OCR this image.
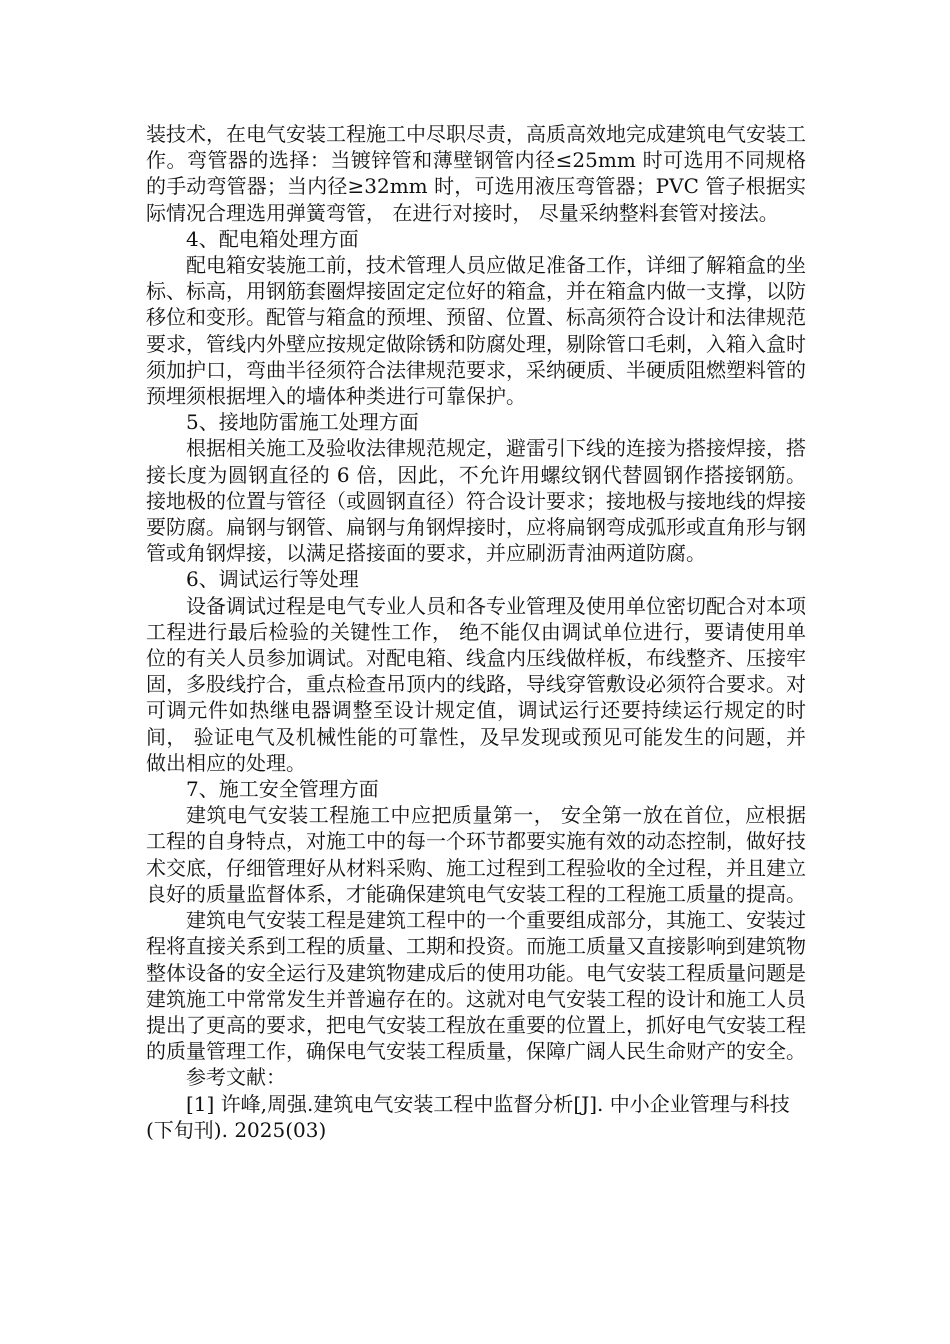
装技术，在电气安装工程施工中尽职尽责，高质高效地完成建筑电气安装工作。弯管器的选择：当镀锌管和薄壁钢管内径≤25mm 时可选用不同规格的手动弯管器；当内径≥32mm 时，可选用液压弯管器；PVC 管子根据实际情况合理选用弹簧弯管， 在进行对接时， 尽量采纳整料套管对接法。

4、配电箱处理方面

配电箱安装施工前，技术管理人员应做足准备工作，详细了解箱盒的坐标、标高，用钢筋套圈焊接固定定位好的箱盒，并在箱盒内做一支撑，以防移位和变形。配管与箱盒的预埋、预留、位置、标高须符合设计和法律规范要求，管线内外壁应按规定做除锈和防腐处理，剔除管口毛刺，入箱入盒时须加护口，弯曲半径须符合法律规范要求，采纳硬质、半硬质阻燃塑料管的预埋须根据埋入的墙体种类进行可靠保护。

5、接地防雷施工处理方面

根据相关施工及验收法律规范规定，避雷引下线的连接为搭接焊接，搭接长度为圆钢直径的 6 倍，因此，不允许用螺纹钢代替圆钢作搭接钢筋。接地极的位置与管径（或圆钢直径）符合设计要求；接地极与接地线的焊接要防腐。扁钢与钢管、扁钢与角钢焊接时，应将扁钢弯成弧形或直角形与钢管或角钢焊接，以满足搭接面的要求，并应刷沥青油两道防腐。

6、调试运行等处理

设备调试过程是电气专业人员和各专业管理及使用单位密切配合对本项工程进行最后检验的关键性工作， 绝不能仅由调试单位进行，要请使用单位的有关人员参加调试。对配电箱、线盒内压线做样板，布线整齐、压接牢固，多股线拧合，重点检查吊顶内的线路，导线穿管敷设必须符合要求。对可调元件如热继电器调整至设计规定值，调试运行还要持续运行规定的时间， 验证电气及机械性能的可靠性，及早发现或预见可能发生的问题，并做出相应的处理。

7、施工安全管理方面

建筑电气安装工程施工中应把质量第一， 安全第一放在首位，应根据工程的自身特点，对施工中的每一个环节都要实施有效的动态控制，做好技术交底，仔细管理好从材料采购、施工过程到工程验收的全过程，并且建立良好的质量监督体系，才能确保建筑电气安装工程的工程施工质量的提高。

建筑电气安装工程是建筑工程中的一个重要组成部分，其施工、安装过程将直接关系到工程的质量、工期和投资。而施工质量又直接影响到建筑物整体设备的安全运行及建筑物建成后的使用功能。电气安装工程质量问题是建筑施工中常常发生并普遍存在的。这就对电气安装工程的设计和施工人员提出了更高的要求，把电气安装工程放在重要的位置上，抓好电气安装工程的质量管理工作，确保电气安装工程质量，保障广阔人民生命财产的安全。

参考文献：

[1] 许峰,周强.建筑电气安装工程中监督分析[J]. 中小企业管理与科技(下旬刊). 2025(03)
